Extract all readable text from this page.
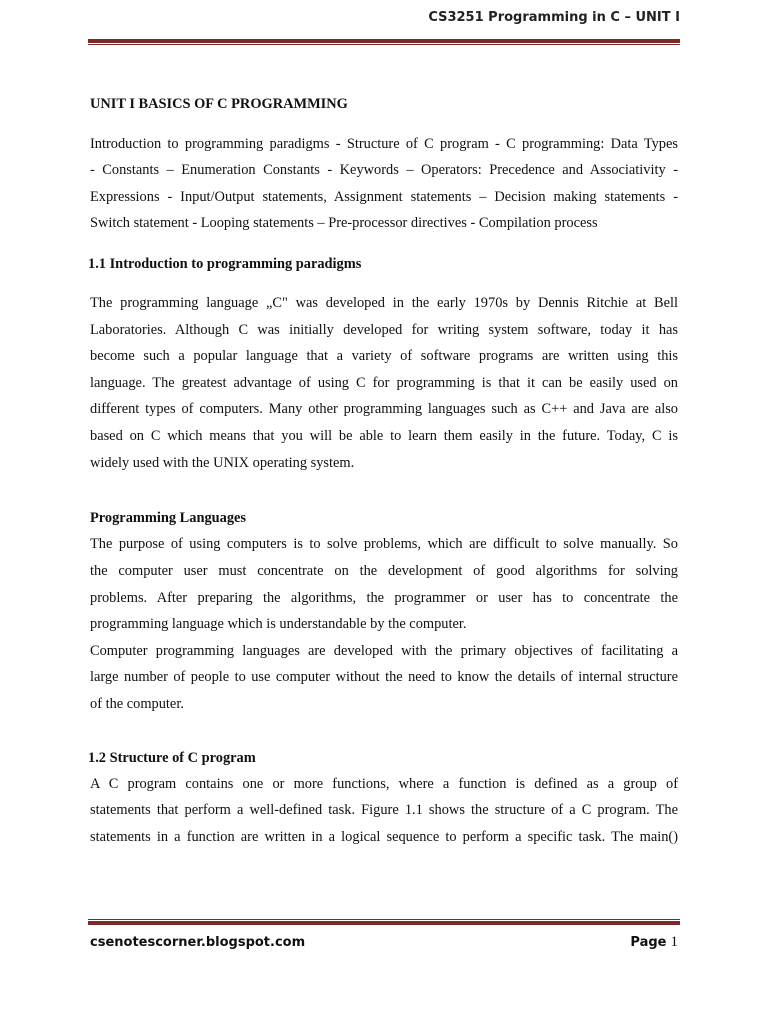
CS3251 Programming in C – UNIT I
UNIT I BASICS OF C PROGRAMMING
Introduction to programming paradigms - Structure of C program - C programming: Data Types
- Constants – Enumeration Constants - Keywords – Operators: Precedence and Associativity -
Expressions - Input/Output statements, Assignment statements – Decision making statements -
Switch statement - Looping statements – Pre-processor directives - Compilation process
1.1 Introduction to programming paradigms
The programming language „C" was developed in the early 1970s by Dennis Ritchie at Bell
Laboratories. Although C was initially developed for writing system software, today it has
become such a popular language that a variety of software programs are written using this
language. The greatest advantage of using C for programming is that it can be easily used on
different types of computers. Many other programming languages such as C++ and Java are also
based on C which means that you will be able to learn them easily in the future. Today, C is
widely used with the UNIX operating system.
Programming Languages
The purpose of using computers is to solve problems, which are difficult to solve manually. So
the computer user must concentrate on the development of good algorithms for solving
problems. After preparing the algorithms, the programmer or user has to concentrate the
programming language which is understandable by the computer.
Computer programming languages are developed with the primary objectives of facilitating a
large number of people to use computer without the need to know the details of internal structure
of the computer.
1.2 Structure of C program
A C program contains one or more functions, where a function is defined as a group of
statements that perform a well-defined task. Figure 1.1 shows the structure of a C program. The
statements in a function are written in a logical sequence to perform a specific task. The main()
csenotescorner.blogspot.com	Page 1
